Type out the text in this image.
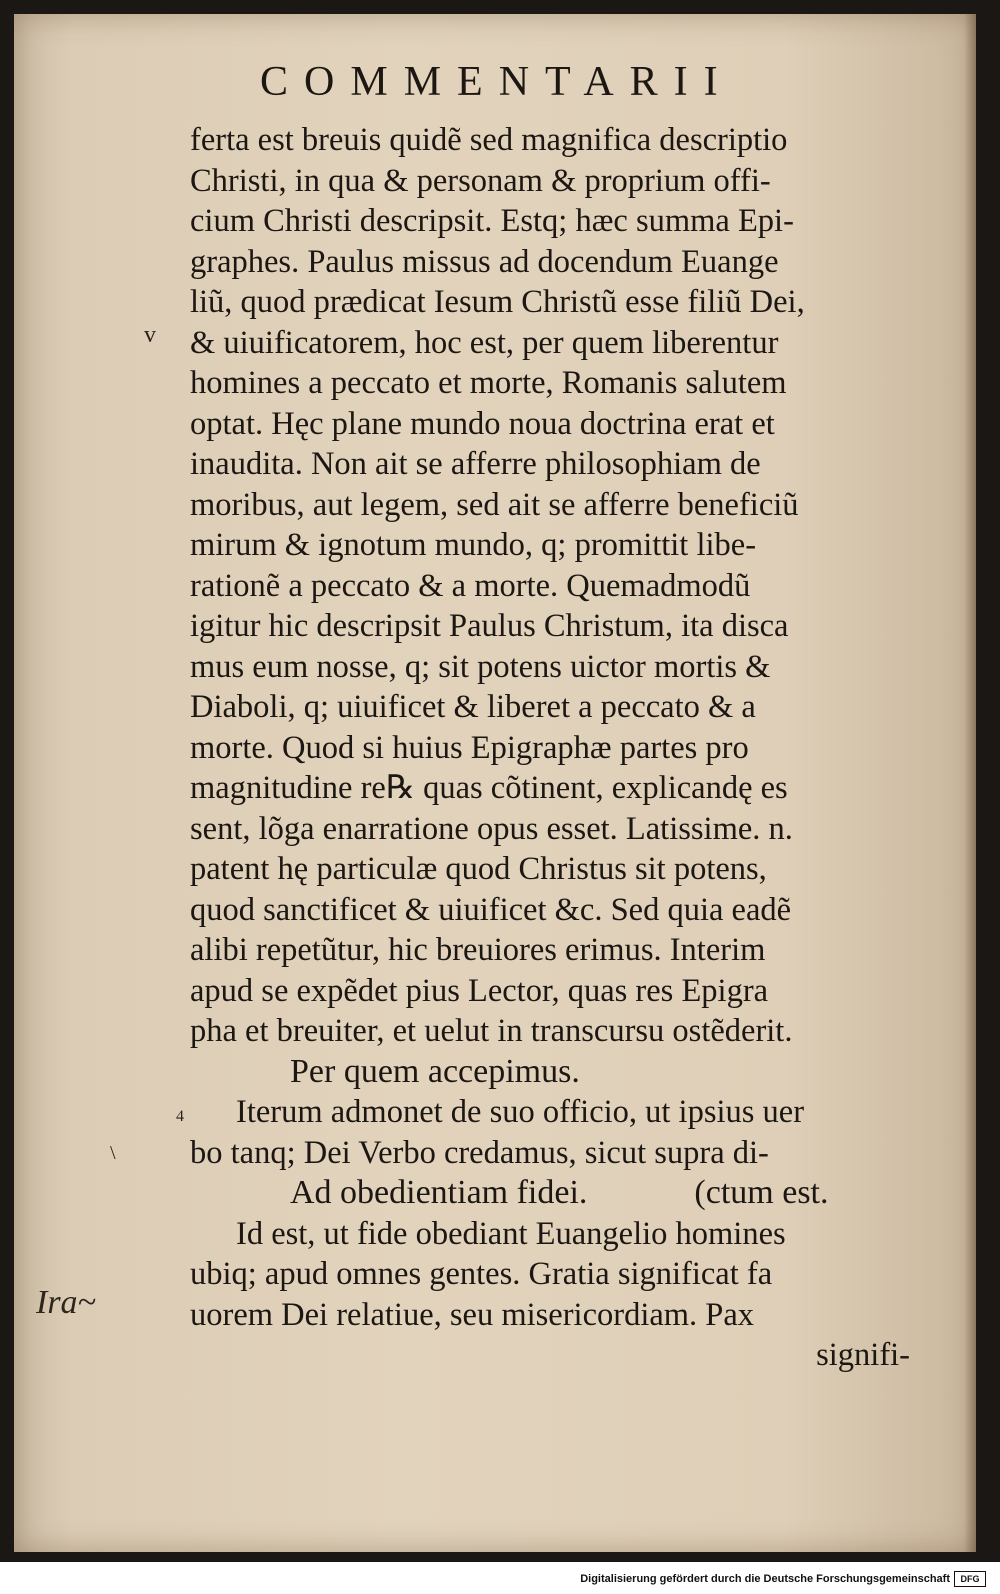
COMMENTARII
ferta est breuis quidẽ sed magnifica descriptio
Christi, in qua & personam & proprium offi-
cium Christi descripsit. Estq; hæc summa Epi-
graphes. Paulus missus ad docendum Euange
liũ, quod prædicat Iesum Christũ esse filiũ Dei,
& uiuificatorem, hoc est, per quem liberentur
homines a peccato et morte, Romanis salutem
optat. Hęc plane mundo noua doctrina erat et
inaudita. Non ait se afferre philosophiam de
moribus, aut legem, sed ait se afferre beneficiũ
mirum & ignotum mundo, q; promittit libe-
rationẽ a peccato & a morte. Quemadmodũ
igitur hic descripsit Paulus Christum, ita disca
mus eum nosse, q; sit potens uictor mortis &
Diaboli, q; uiuificet & liberet a peccato & a
morte. Quod si huius Epigraphæ partes pro
magnitudine re℞ quas cõtinent, explicandę es
sent, lõga enarratione opus esset. Latissime. n.
patent hę particulæ quod Christus sit potens,
quod sanctificet & uiuificet &c. Sed quia eadẽ
alibi repetũtur, hic breuiores erimus. Interim
apud se expẽdet pius Lector, quas res Epigra
pha et breuiter, et uelut in transcursu ostẽderit.
Per quem accepimus.
Iterum admonet de suo officio, ut ipsius uer
bo tanq; Dei Verbo credamus, sicut supra di-
Ad obedientiam fidei.	(ctum est.
Id est, ut fide obediant Euangelio homines
ubiq; apud omnes gentes. Gratia significat fa
uorem Dei relatiue, seu misericordiam. Pax
signifi-
v
4
\
Ira~
Digitalisierung gefördert durch die Deutsche Forschungsgemeinschaft	DFG
